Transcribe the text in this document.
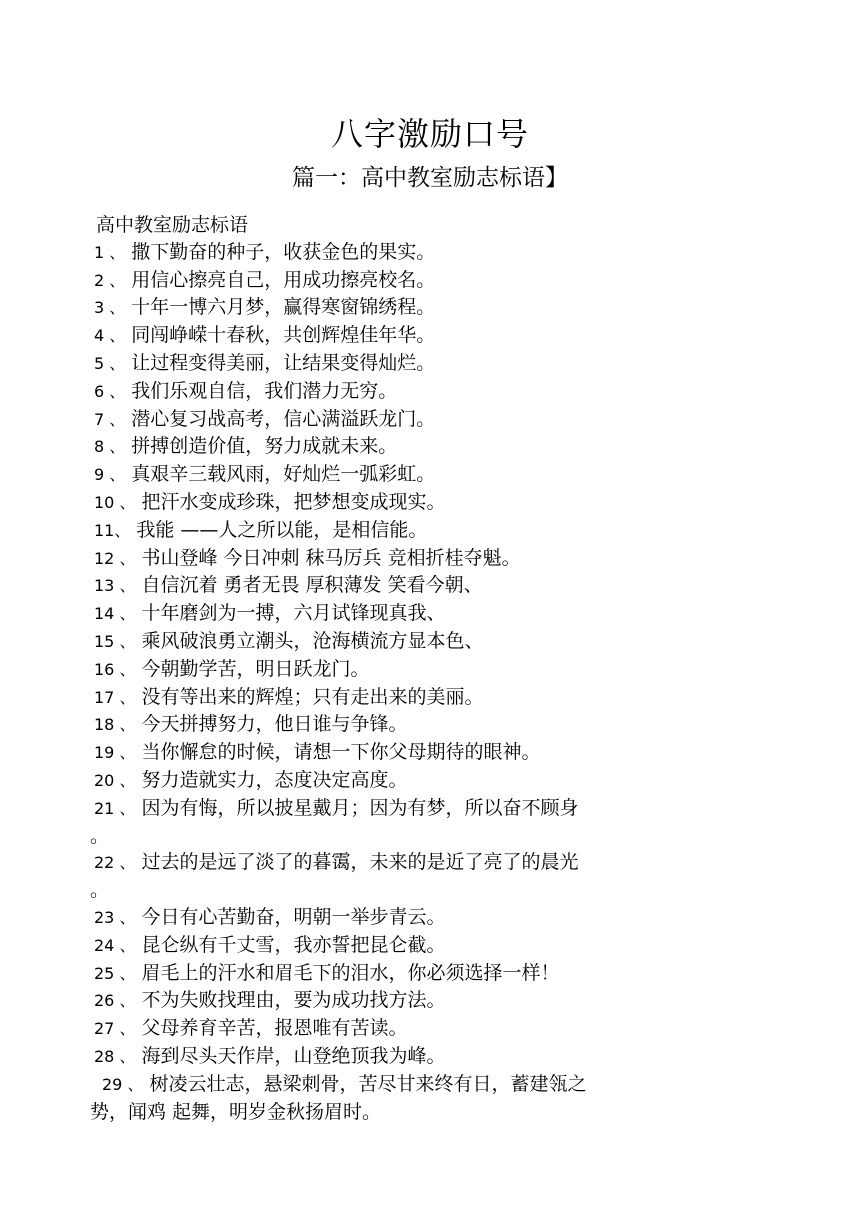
八字激励口号
篇一：高中教室励志标语】
高中教室励志标语
1 、 撒下勤奋的种子，收获金色的果实。
2 、 用信心擦亮自己，用成功擦亮校名。
3 、 十年一博六月梦，赢得寒窗锦绣程。
4 、 同闯峥嵘十春秋，共创辉煌佳年华。
5 、 让过程变得美丽，让结果变得灿烂。
6 、 我们乐观自信，我们潜力无穷。
7 、 潜心复习战高考，信心满溢跃龙门。
8 、 拼搏创造价值，努力成就未来。
9 、 真艰辛三载风雨，好灿烂一弧彩虹。
10 、 把汗水变成珍珠，把梦想变成现实。
11、 我能 ——人之所以能，是相信能。
12 、 书山登峰 今日冲刺 秣马厉兵 竞相折桂夺魁。
13 、 自信沉着 勇者无畏 厚积薄发 笑看今朝、
14 、 十年磨剑为一搏，六月试锋现真我、
15 、 乘风破浪勇立潮头，沧海横流方显本色、
16 、 今朝勤学苦，明日跃龙门。
17 、 没有等出来的辉煌；只有走出来的美丽。
18 、 今天拼搏努力，他日谁与争锋。
19 、 当你懈怠的时候，请想一下你父母期待的眼神。
20 、 努力造就实力，态度决定高度。
21 、 因为有悔，所以披星戴月；因为有梦，所以奋不顾身
。
22 、 过去的是远了淡了的暮霭，未来的是近了亮了的晨光
。
23 、 今日有心苦勤奋，明朝一举步青云。
24 、 昆仑纵有千丈雪，我亦誓把昆仑截。
25 、 眉毛上的汗水和眉毛下的泪水，你必须选择一样！
26 、 不为失败找理由，要为成功找方法。
27 、 父母养育辛苦，报恩唯有苦读。
28 、 海到尽头天作岸，山登绝顶我为峰。
29 、 树凌云壮志，悬梁刺骨，苦尽甘来终有日，蓄建瓴之
势，闻鸡 起舞，明岁金秋扬眉时。
